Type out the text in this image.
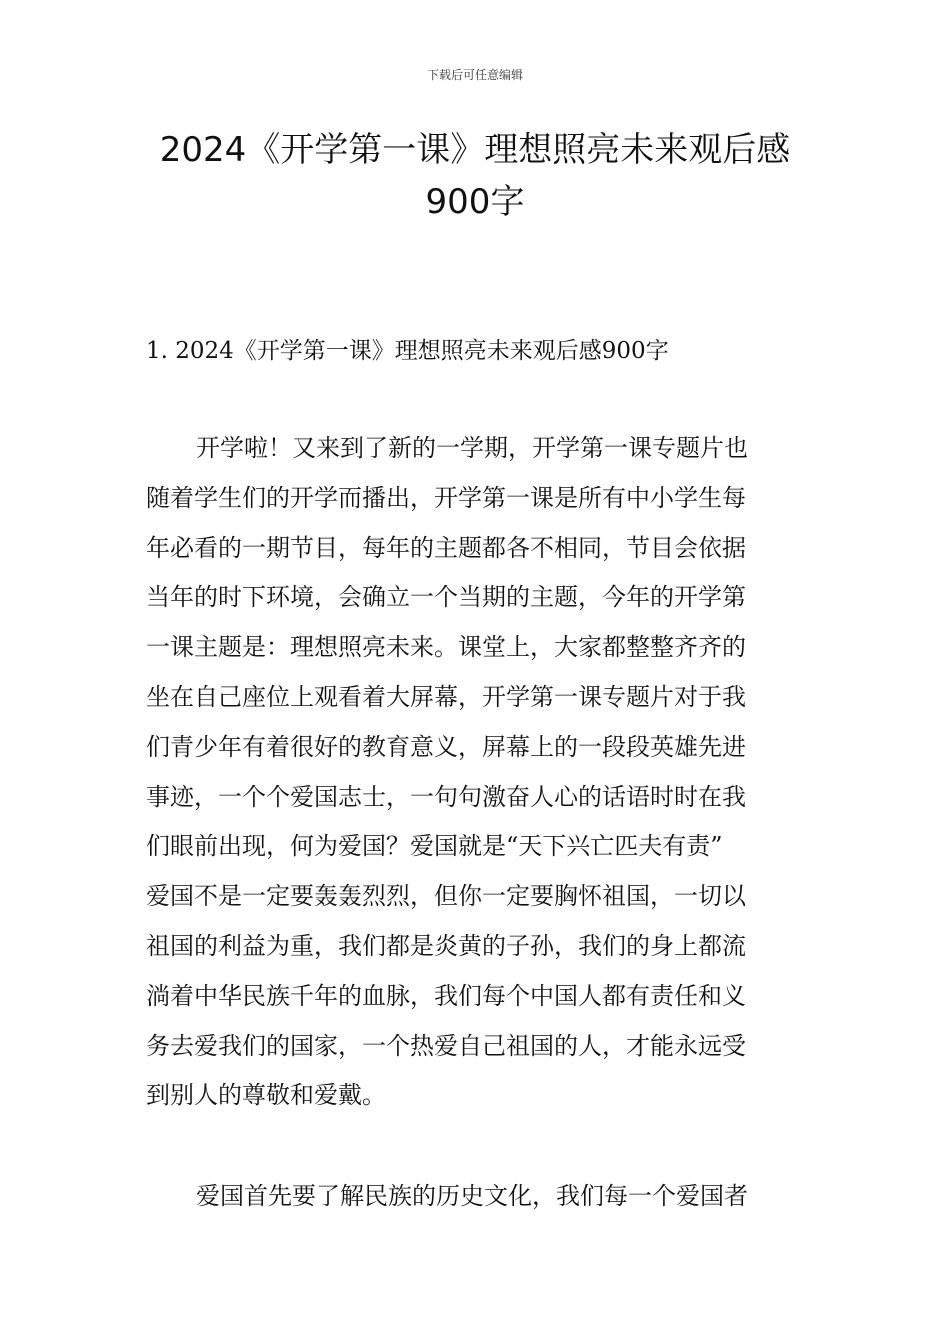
下载后可任意编辑
2024《开学第一课》理想照亮未来观后感
900字
1. 2024《开学第一课》理想照亮未来观后感900字
开学啦！又来到了新的一学期，开学第一课专题片也
随着学生们的开学而播出，开学第一课是所有中小学生每
年必看的一期节目，每年的主题都各不相同，节目会依据
当年的时下环境，会确立一个当期的主题，今年的开学第
一课主题是：理想照亮未来。课堂上，大家都整整齐齐的
坐在自己座位上观看着大屏幕，开学第一课专题片对于我
们青少年有着很好的教育意义，屏幕上的一段段英雄先进
事迹，一个个爱国志士，一句句激奋人心的话语时时在我
们眼前出现，何为爱国？爱国就是“天下兴亡匹夫有责”
爱国不是一定要轰轰烈烈，但你一定要胸怀祖国，一切以
祖国的利益为重，我们都是炎黄的子孙，我们的身上都流
淌着中华民族千年的血脉，我们每个中国人都有责任和义
务去爱我们的国家，一个热爱自己祖国的人，才能永远受
到别人的尊敬和爱戴。
爱国首先要了解民族的历史文化，我们每一个爱国者
